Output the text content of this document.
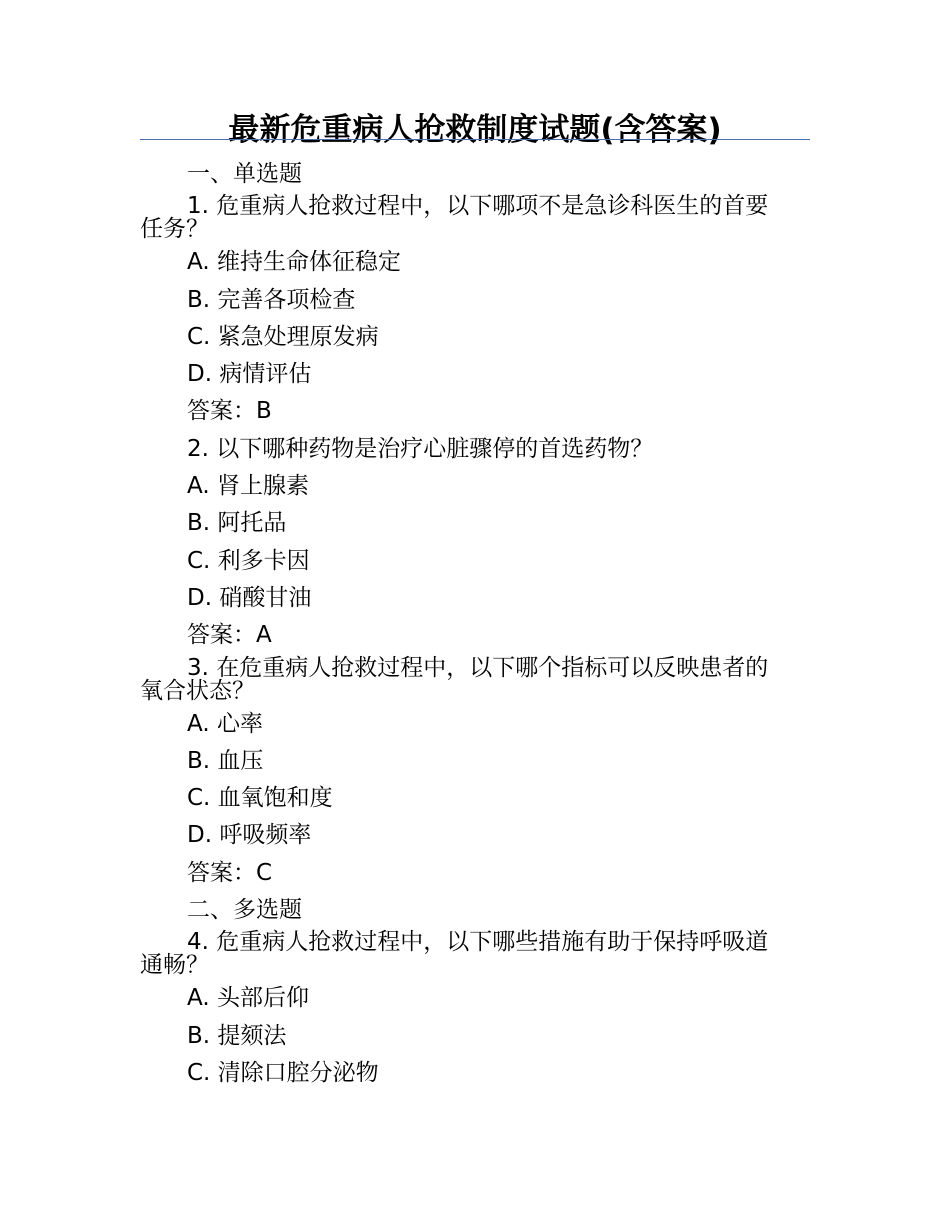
最新危重病人抢救制度试题(含答案)
一、单选题
1. 危重病人抢救过程中，以下哪项不是急诊科医生的首要
任务？
A. 维持生命体征稳定
B. 完善各项检查
C. 紧急处理原发病
D. 病情评估
答案：B
2. 以下哪种药物是治疗心脏骤停的首选药物？
A. 肾上腺素
B. 阿托品
C. 利多卡因
D. 硝酸甘油
答案：A
3. 在危重病人抢救过程中，以下哪个指标可以反映患者的
氧合状态？
A. 心率
B. 血压
C. 血氧饱和度
D. 呼吸频率
答案：C
二、多选题
4. 危重病人抢救过程中，以下哪些措施有助于保持呼吸道
通畅？
A. 头部后仰
B. 提颏法
C. 清除口腔分泌物
